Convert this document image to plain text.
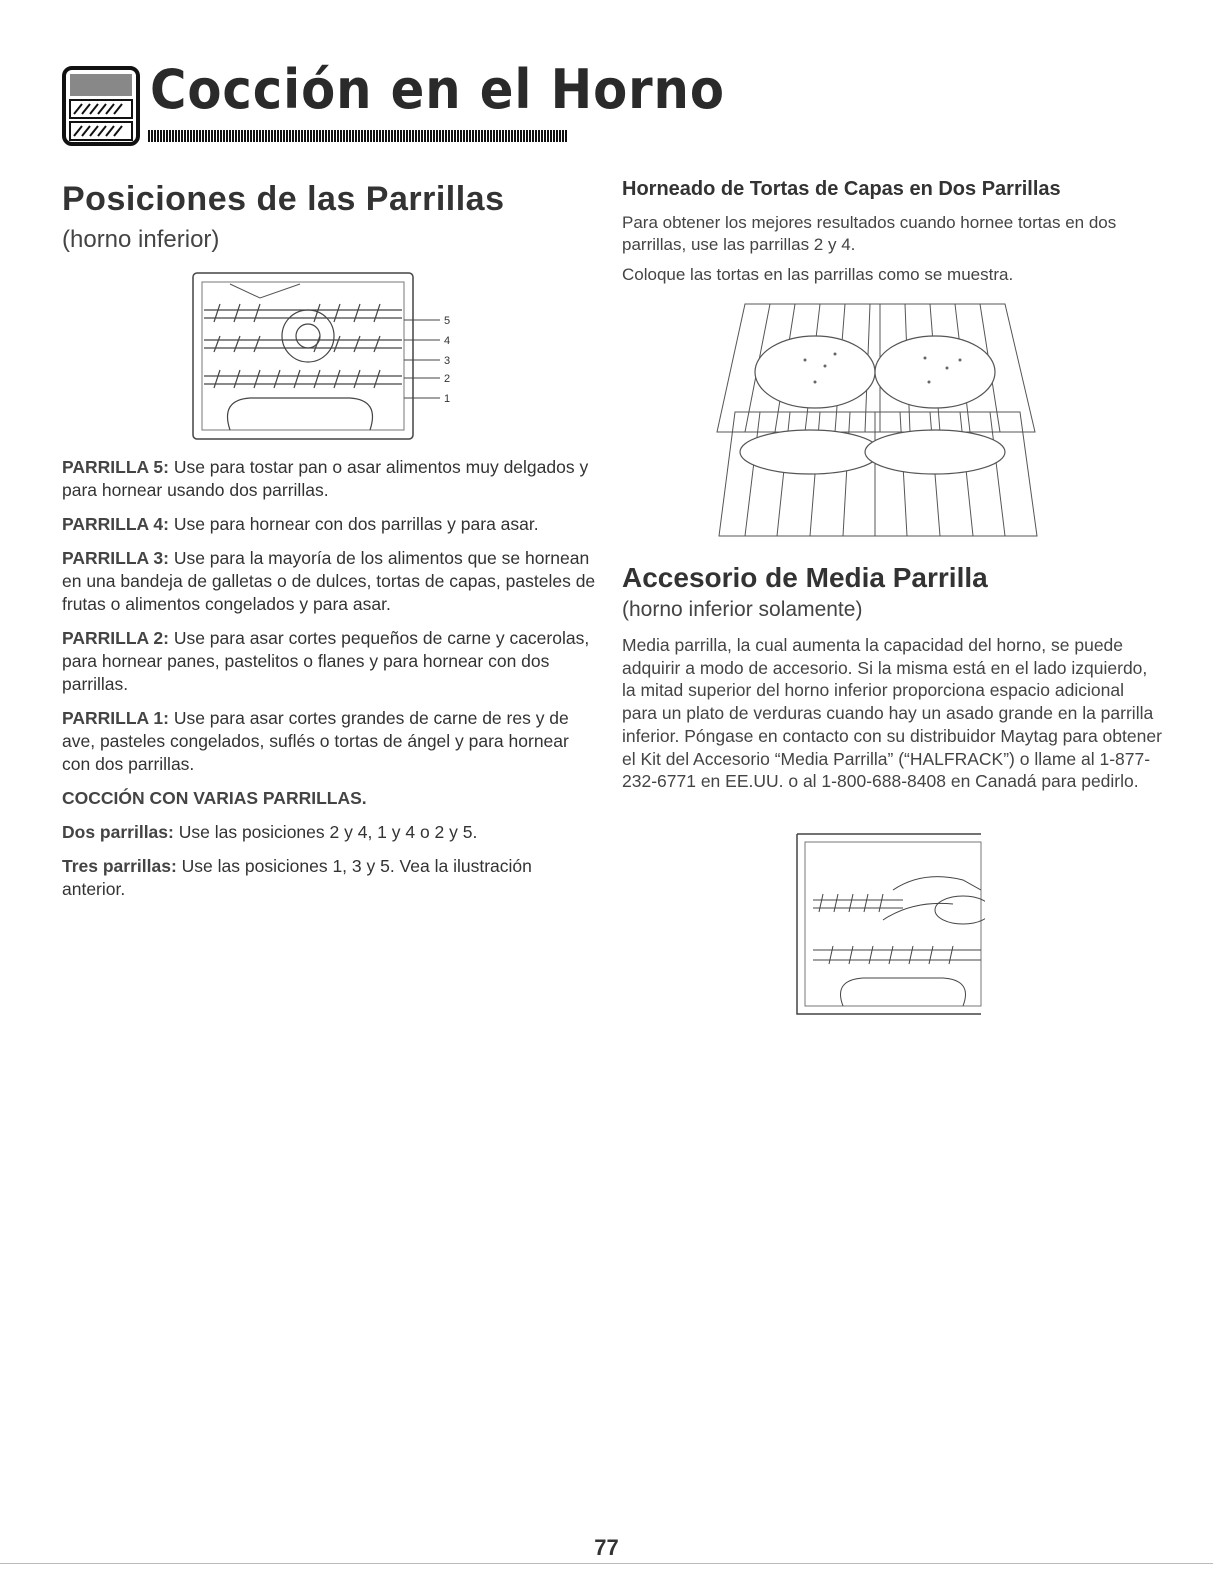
Cocción en el Horno
Posiciones de las Parrillas
(horno inferior)
5
4
3
2
1

PARRILLA 5: Use para tostar pan o asar alimentos muy delgados y para hornear usando dos parrillas.

PARRILLA 4: Use para hornear con dos parrillas y para asar.

PARRILLA 3: Use para la mayoría de los alimentos que se hornean en una bandeja de galletas o de dulces, tortas de capas, pasteles de frutas o alimentos congelados y para asar.

PARRILLA 2: Use para asar cortes pequeños de carne y cacerolas, para hornear panes, pastelitos o flanes y para hornear con dos parrillas.

PARRILLA 1: Use para asar cortes grandes de carne de res y de ave, pasteles congelados, suflés o tortas de ángel y para hornear con dos parrillas.

COCCIÓN CON VARIAS PARRILLAS.

Dos parrillas: Use las posiciones 2 y 4, 1 y 4 o 2 y 5.

Tres parrillas: Use las posiciones 1, 3 y 5. Vea la ilustración anterior.

Horneado de Tortas de Capas en Dos Parrillas

Para obtener los mejores resultados cuando hornee tortas en dos parrillas, use las parrillas 2 y 4.

Coloque las tortas en las parrillas como se muestra.

Accesorio de Media Parrilla
(horno inferior solamente)

Media parrilla, la cual aumenta la capacidad del horno, se puede adquirir a modo de accesorio. Si la misma está en el lado izquierdo, la mitad superior del horno inferior proporciona espacio adicional para un plato de verduras cuando hay un asado grande en la parrilla inferior. Póngase en contacto con su distribuidor Maytag para obtener el Kit del Accesorio “Media Parrilla” (“HALFRACK”) o llame al 1-877-232-6771 en EE.UU. o al 1-800-688-8408 en Canadá para pedirlo.

77
